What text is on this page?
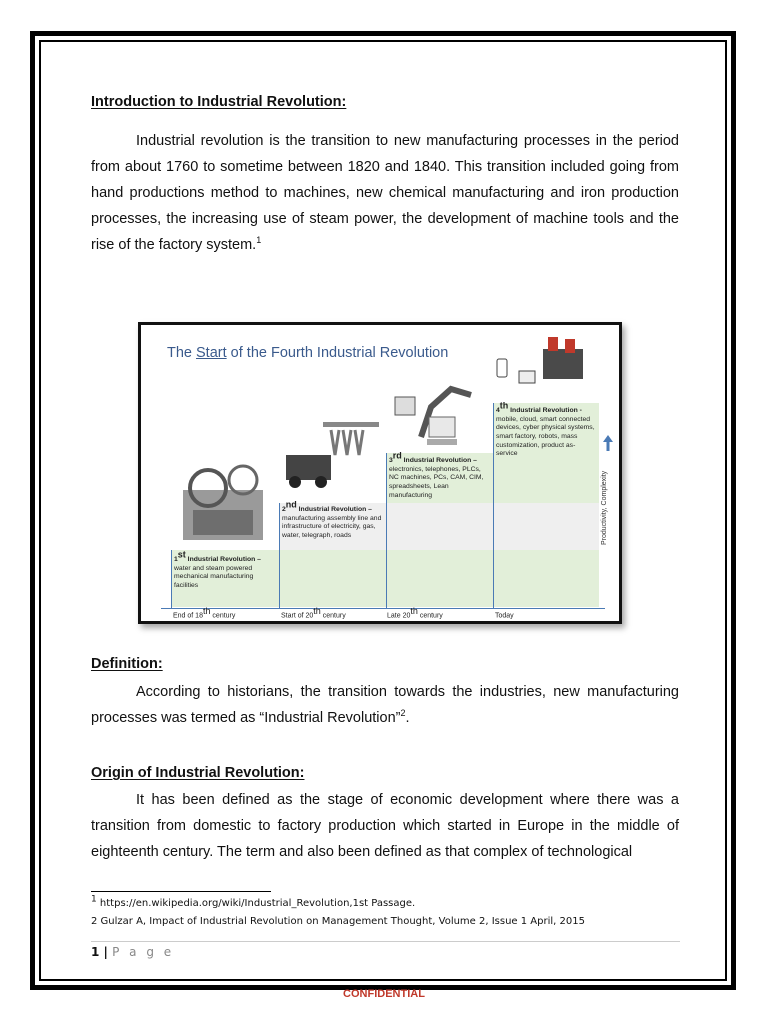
Introduction to Industrial Revolution:

Industrial revolution is the transition to new manufacturing processes in the period from about 1760 to sometime between 1820 and 1840. This transition included going from hand productions method to machines, new chemical manufacturing and iron production processes, the increasing use of steam power, the development of machine tools and the rise of the factory system.$^1$

The Start of the Fourth Industrial Revolution
1st Industrial Revolution – water and steam powered mechanical manufacturing facilities
2nd Industrial Revolution – manufacturing assembly line and infrastructure of electricity, gas, water, telegraph, roads
3rd Industrial Revolution – electronics, telephones, PLCs, NC machines, PCs, CAM, CIM, spreadsheets, Lean manufacturing
4th Industrial Revolution - mobile, cloud, smart connected devices, cyber physical systems, smart factory, robots, mass customization, product as-service
End of 18th century	Start of 20th century	Late 20th century	Today
Productivity, Complexity
Definition:

According to historians, the transition towards the industries, new manufacturing processes was termed as “Industrial Revolution”$^2$.

Origin of Industrial Revolution:

It has been defined as the stage of economic development where there was a transition from domestic to factory production which started in Europe in the middle of eighteenth century. The term and also been defined as that complex of technological

$^1$ https://en.wikipedia.org/wiki/Industrial_Revolution,1st Passage.
2 Gulzar A, Impact of Industrial Revolution on Management Thought, Volume 2, Issue 1 April, 2015
1 | P a g e
CONFIDENTIAL
